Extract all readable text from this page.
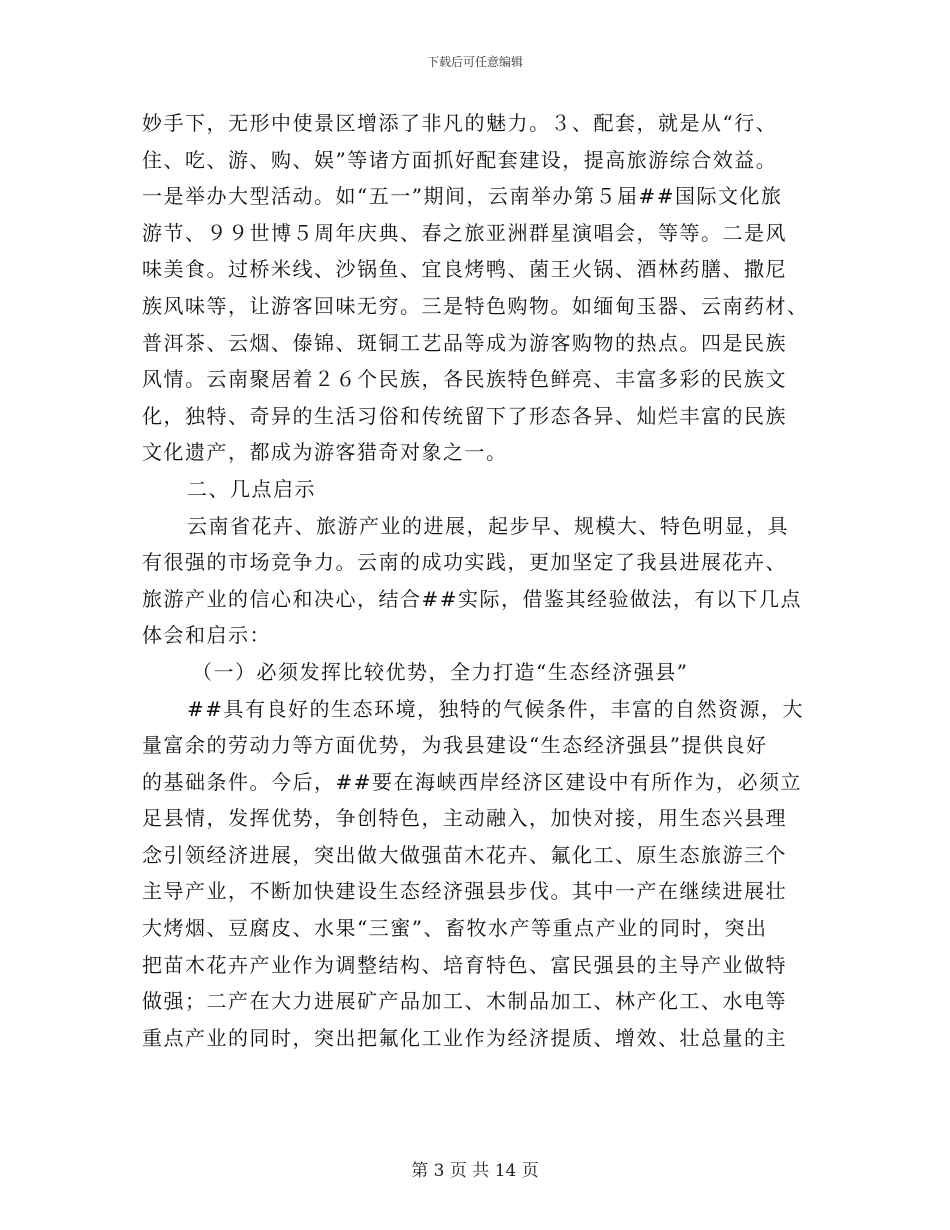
下载后可任意编辑
妙手下，无形中使景区增添了非凡的魅力。３、配套，就是从“行、
住、吃、游、购、娱”等诸方面抓好配套建设，提高旅游综合效益。
一是举办大型活动。如“五一”期间，云南举办第５届##国际文化旅
游节、９９世博５周年庆典、春之旅亚洲群星演唱会，等等。二是风
味美食。过桥米线、沙锅鱼、宜良烤鸭、菌王火锅、酒林药膳、撒尼
族风味等，让游客回味无穷。三是特色购物。如缅甸玉器、云南药材、
普洱茶、云烟、傣锦、斑铜工艺品等成为游客购物的热点。四是民族
风情。云南聚居着２６个民族，各民族特色鲜亮、丰富多彩的民族文
化，独特、奇异的生活习俗和传统留下了形态各异、灿烂丰富的民族
文化遗产，都成为游客猎奇对象之一。
二、几点启示
云南省花卉、旅游产业的进展，起步早、规模大、特色明显，具
有很强的市场竞争力。云南的成功实践，更加坚定了我县进展花卉、
旅游产业的信心和决心，结合##实际，借鉴其经验做法，有以下几点
体会和启示：
（一）必须发挥比较优势，全力打造“生态经济强县”
##具有良好的生态环境，独特的气候条件，丰富的自然资源，大
量富余的劳动力等方面优势，为我县建设“生态经济强县”提供良好
的基础条件。今后，##要在海峡西岸经济区建设中有所作为，必须立
足县情，发挥优势，争创特色，主动融入，加快对接，用生态兴县理
念引领经济进展，突出做大做强苗木花卉、氟化工、原生态旅游三个
主导产业，不断加快建设生态经济强县步伐。其中一产在继续进展壮
大烤烟、豆腐皮、水果“三蜜”、畜牧水产等重点产业的同时，突出
把苗木花卉产业作为调整结构、培育特色、富民强县的主导产业做特
做强；二产在大力进展矿产品加工、木制品加工、林产化工、水电等
重点产业的同时，突出把氟化工业作为经济提质、增效、壮总量的主
第 3 页 共 14 页
